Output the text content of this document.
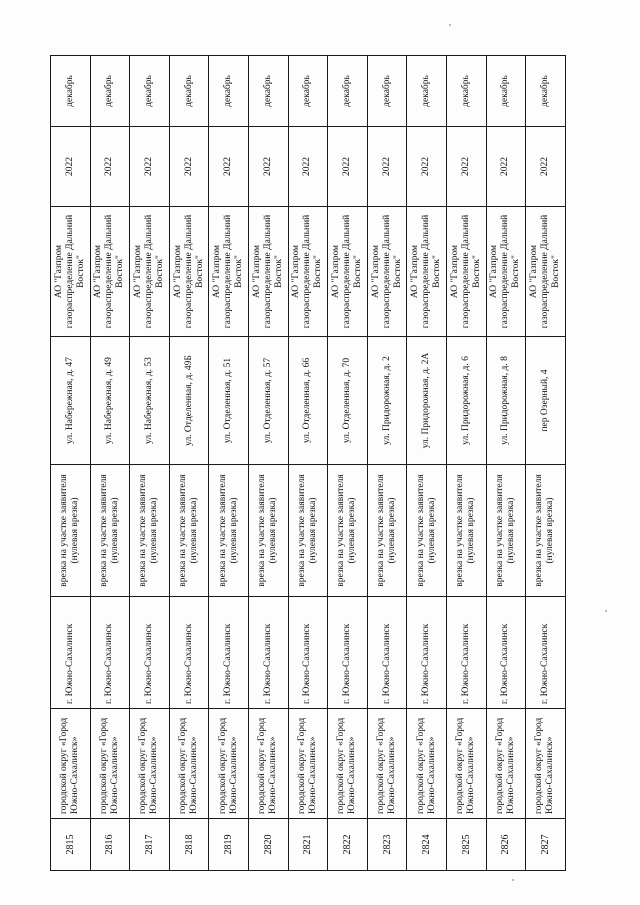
2815	городской округ «Город Южно-Сахалинск»	г. Южно-Сахалинск	врезка на участке заявителя (нулевая врезка)	ул. Набережная, д. 47	АО "Газпром газораспределение Дальний Восток"	2022	декабрь
2816	городской округ «Город Южно-Сахалинск»	г. Южно-Сахалинск	врезка на участке заявителя (нулевая врезка)	ул. Набережная, д. 49	АО "Газпром газораспределение Дальний Восток"	2022	декабрь
2817	городской округ «Город Южно-Сахалинск»	г. Южно-Сахалинск	врезка на участке заявителя (нулевая врезка)	ул. Набережная, д. 53	АО "Газпром газораспределение Дальний Восток"	2022	декабрь
2818	городской округ «Город Южно-Сахалинск»	г. Южно-Сахалинск	врезка на участке заявителя (нулевая врезка)	ул. Отделенная, д. 49Б	АО "Газпром газораспределение Дальний Восток"	2022	декабрь
2819	городской округ «Город Южно-Сахалинск»	г. Южно-Сахалинск	врезка на участке заявителя (нулевая врезка)	ул. Отделенная, д. 51	АО "Газпром газораспределение Дальний Восток"	2022	декабрь
2820	городской округ «Город Южно-Сахалинск»	г. Южно-Сахалинск	врезка на участке заявителя (нулевая врезка)	ул. Отделенная, д. 57	АО "Газпром газораспределение Дальний Восток"	2022	декабрь
2821	городской округ «Город Южно-Сахалинск»	г. Южно-Сахалинск	врезка на участке заявителя (нулевая врезка)	ул. Отделенная, д. 66	АО "Газпром газораспределение Дальний Восток"	2022	декабрь
2822	городской округ «Город Южно-Сахалинск»	г. Южно-Сахалинск	врезка на участке заявителя (нулевая врезка)	ул. Отделенная, д. 70	АО "Газпром газораспределение Дальний Восток"	2022	декабрь
2823	городской округ «Город Южно-Сахалинск»	г. Южно-Сахалинск	врезка на участке заявителя (нулевая врезка)	ул. Придорожная, д. 2	АО "Газпром газораспределение Дальний Восток"	2022	декабрь
2824	городской округ «Город Южно-Сахалинск»	г. Южно-Сахалинск	врезка на участке заявителя (нулевая врезка)	ул. Придорожная, д. 2А	АО "Газпром газораспределение Дальний Восток"	2022	декабрь
2825	городской округ «Город Южно-Сахалинск»	г. Южно-Сахалинск	врезка на участке заявителя (нулевая врезка)	ул. Придорожная, д. 6	АО "Газпром газораспределение Дальний Восток"	2022	декабрь
2826	городской округ «Город Южно-Сахалинск»	г. Южно-Сахалинск	врезка на участке заявителя (нулевая врезка)	ул. Придорожная, д. 8	АО "Газпром газораспределение Дальний Восток"	2022	декабрь
2827	городской округ «Город Южно-Сахалинск»	г. Южно-Сахалинск	врезка на участке заявителя (нулевая врезка)	пер Озерный, 4	АО "Газпром газораспределение Дальний Восток"	2022	декабрь
